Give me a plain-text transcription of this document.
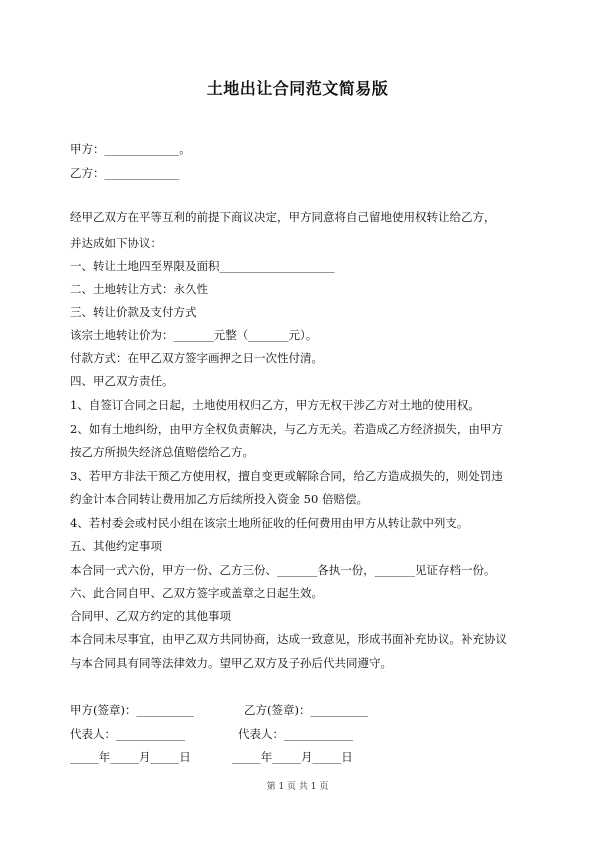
土地出让合同范文简易版
甲方：_____________。
乙方：_____________
经甲乙双方在平等互利的前提下商议决定，甲方同意将自己留地使用权转让给乙方，
并达成如下协议：
一、转让土地四至界限及面积____________________
二、土地转让方式：永久性
三、转让价款及支付方式
该宗土地转让价为：_______元整（_______元）。
付款方式：在甲乙双方签字画押之日一次性付清。
四、甲乙双方责任。
1、自签订合同之日起，土地使用权归乙方，甲方无权干涉乙方对土地的使用权。
2、如有土地纠纷，由甲方全权负责解决，与乙方无关。若造成乙方经济损失，由甲方
按乙方所损失经济总值赔偿给乙方。
3、若甲方非法干预乙方使用权，擅自变更或解除合同，给乙方造成损失的，则处罚违
约金计本合同转让费用加乙方后续所投入资金 50 倍赔偿。
4、若村委会或村民小组在该宗土地所征收的任何费用由甲方从转让款中列支。
五、其他约定事项
本合同一式六份，甲方一份、乙方三份、_______各执一份，_______见证存档一份。
六、此合同自甲、乙双方签字或盖章之日起生效。
合同甲、乙双方约定的其他事项
本合同未尽事宜，由甲乙双方共同协商，达成一致意见，形成书面补充协议。补充协议
与本合同具有同等法律效力。望甲乙双方及子孙后代共同遵守。
甲方(签章)：__________	乙方(签章)：__________
代表人：____________	代表人：____________
_____年_____月_____日	_____年_____月_____日
第 1 页 共 1 页
